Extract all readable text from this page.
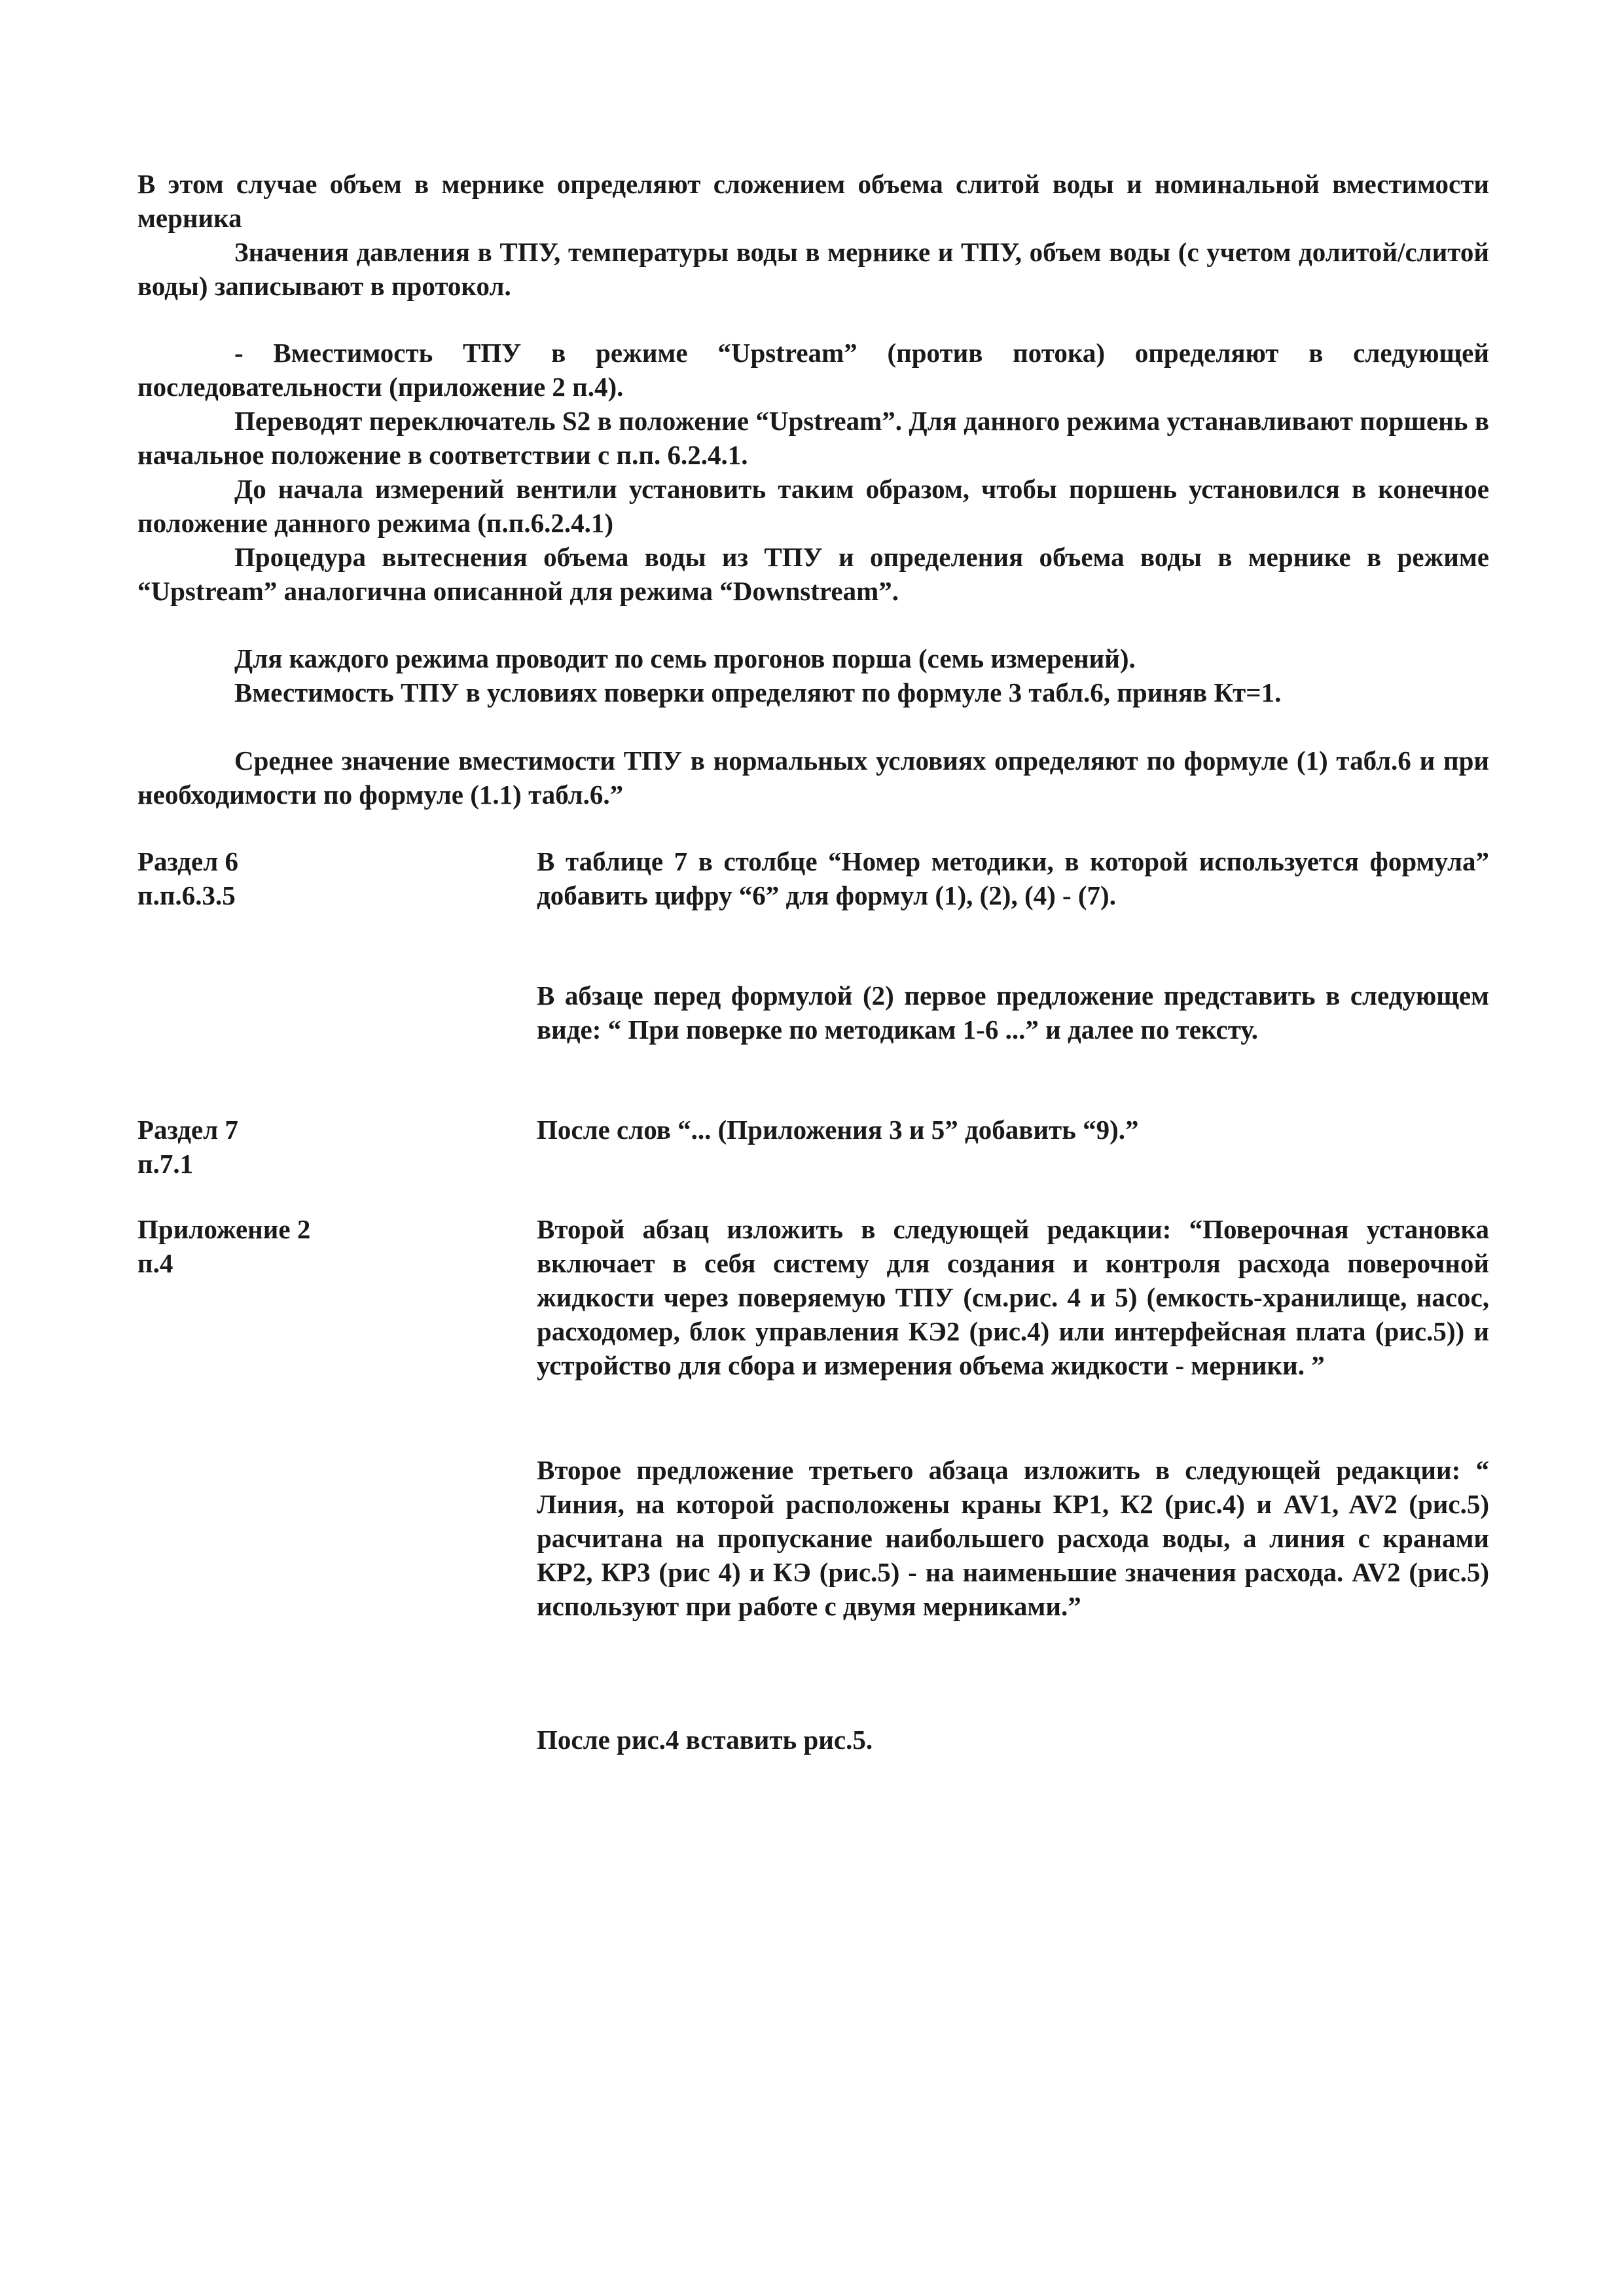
В этом случае объем в мернике определяют сложением объема слитой воды и номинальной вместимости мерника

Значения давления в ТПУ, температуры воды в мернике и ТПУ, объем воды (с учетом долитой/слитой воды) записывают в протокол.

- Вместимость ТПУ в режиме “Upstream” (против потока) определяют в следующей последовательности (приложение 2 п.4).

Переводят переключатель S2 в положение “Upstream”. Для данного режима устанавливают поршень в начальное положение в соответствии с п.п. 6.2.4.1.

До начала измерений вентили установить таким образом, чтобы поршень установился в конечное положение данного режима (п.п.6.2.4.1)

Процедура вытеснения объема воды из ТПУ и определения объема воды в мернике в режиме “Upstream” аналогична описанной для режима “Downstream”.

Для каждого режима проводит по семь прогонов порша (семь измерений).

Вместимость ТПУ в условиях поверки определяют по формуле 3 табл.6, приняв Кт=1.

Среднее значение вместимости ТПУ в нормальных условиях определяют по формуле (1) табл.6 и при необходимости по формуле (1.1) табл.6.”

Раздел 6
п.п.6.3.5

В таблице 7 в столбце “Номер методики, в которой используется формула” добавить цифру “6” для формул (1), (2), (4) - (7).

В абзаце перед формулой (2) первое предложение представить в следующем виде: “ При поверке по методикам 1-6 ...” и далее по тексту.

Раздел 7
п.7.1

После слов “... (Приложения 3 и 5” добавить “9).”

Приложение 2
п.4

Второй абзац изложить в следующей редакции: “Поверочная установка включает в себя систему для создания и контроля расхода поверочной жидкости через поверяемую ТПУ (см.рис. 4 и 5) (емкость-хранилище, насос, расходомер, блок управления КЭ2 (рис.4) или интерфейсная плата (рис.5)) и устройство для сбора и измерения объема жидкости - мерники. ”

Второе предложение третьего абзаца изложить в следующей редакции: “ Линия, на которой расположены краны КР1, К2 (рис.4) и AV1, AV2 (рис.5) расчитана на пропускание наибольшего расхода воды, а линия с кранами КР2, КР3 (рис 4) и КЭ (рис.5) - на наименьшие значения расхода. AV2 (рис.5) используют при работе с двумя мерниками.”

После рис.4 вставить рис.5.
